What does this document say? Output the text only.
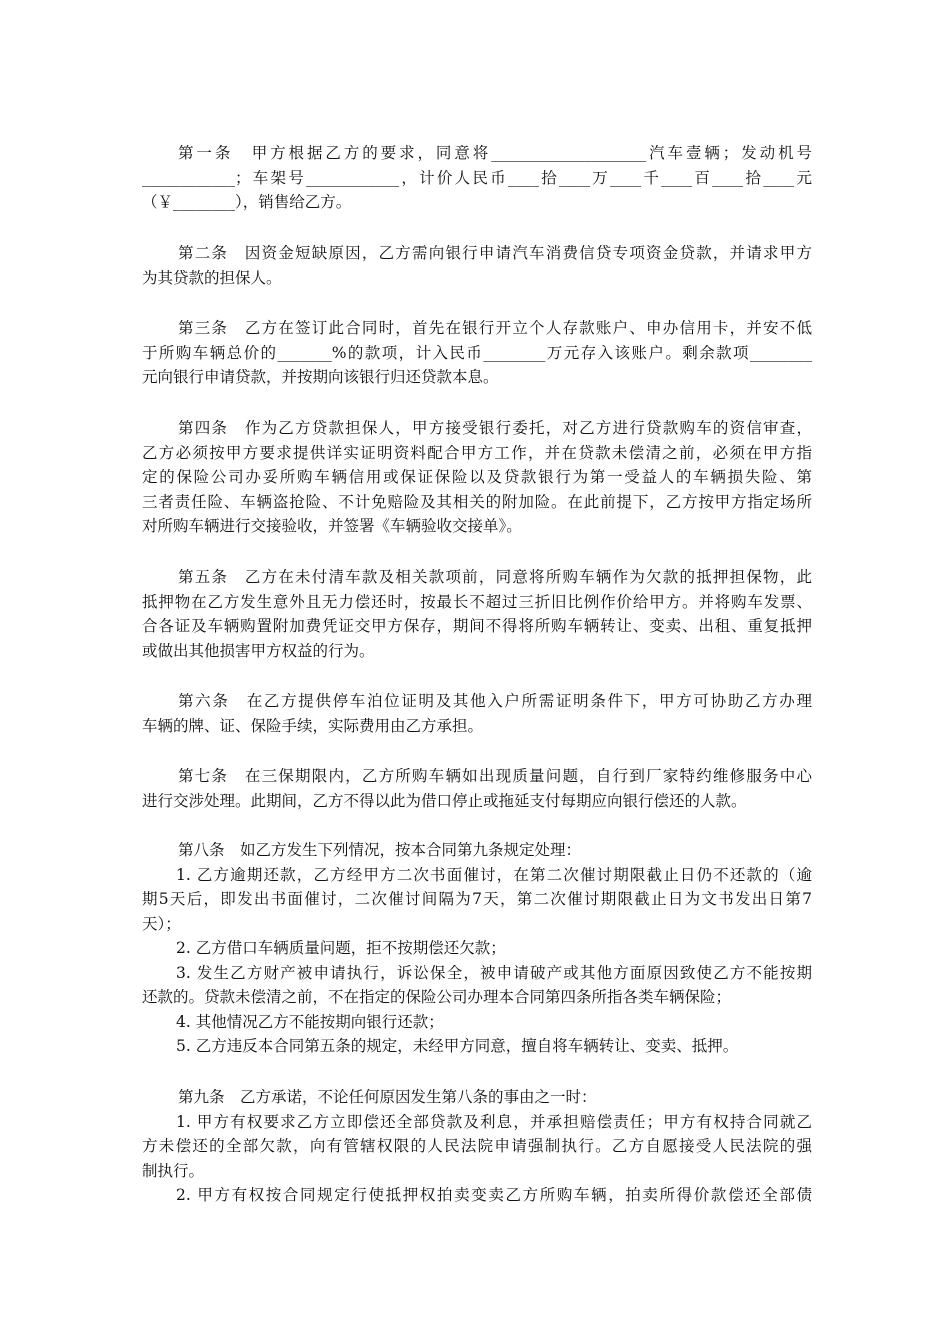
第一条　甲方根据乙方的要求，同意将____________________汽车壹辆；发动机号
____________；车架号____________，计价人民币____拾____万____千____百____拾____元
（￥________），销售给乙方。
第二条　因资金短缺原因，乙方需向银行申请汽车消费信贷专项资金贷款，并请求甲方
为其贷款的担保人。
第三条　乙方在签订此合同时，首先在银行开立个人存款账户、申办信用卡，并安不低
于所购车辆总价的_______%的款项，计入民币________万元存入该账户。剩余款项________
元向银行申请贷款，并按期向该银行归还贷款本息。
第四条　作为乙方贷款担保人，甲方接受银行委托，对乙方进行贷款购车的资信审查，
乙方必须按甲方要求提供详实证明资料配合甲方工作，并在贷款未偿清之前，必须在甲方指
定的保险公司办妥所购车辆信用或保证保险以及贷款银行为第一受益人的车辆损失险、第
三者责任险、车辆盗抢险、不计免赔险及其相关的附加险。在此前提下，乙方按甲方指定场所
对所购车辆进行交接验收，并签署《车辆验收交接单》。
第五条　乙方在未付清车款及相关款项前，同意将所购车辆作为欠款的抵押担保物，此
抵押物在乙方发生意外且无力偿还时，按最长不超过三折旧比例作价给甲方。并将购车发票、
合各证及车辆购置附加费凭证交甲方保存，期间不得将所购车辆转让、变卖、出租、重复抵押
或做出其他损害甲方权益的行为。
第六条　在乙方提供停车泊位证明及其他入户所需证明条件下，甲方可协助乙方办理
车辆的牌、证、保险手续，实际费用由乙方承担。
第七条　在三保期限内，乙方所购车辆如出现质量问题，自行到厂家特约维修服务中心
进行交涉处理。此期间，乙方不得以此为借口停止或拖延支付每期应向银行偿还的人款。
第八条　如乙方发生下列情况，按本合同第九条规定处理：
1. 乙方逾期还款，乙方经甲方二次书面催讨，在第二次催讨期限截止日仍不还款的（逾
期5天后，即发出书面催讨，二次催讨间隔为7天，第二次催讨期限截止日为文书发出日第7
天）；
2. 乙方借口车辆质量问题，拒不按期偿还欠款；
3. 发生乙方财产被申请执行，诉讼保全，被申请破产或其他方面原因致使乙方不能按期
还款的。贷款未偿清之前，不在指定的保险公司办理本合同第四条所指各类车辆保险；
4. 其他情况乙方不能按期向银行还款；
5. 乙方违反本合同第五条的规定，未经甲方同意，擅自将车辆转让、变卖、抵押。
第九条　乙方承诺，不论任何原因发生第八条的事由之一时：
1. 甲方有权要求乙方立即偿还全部贷款及利息，并承担赔偿责任；甲方有权持合同就乙
方未偿还的全部欠款，向有管辖权限的人民法院申请强制执行。乙方自愿接受人民法院的强
制执行。
2. 甲方有权按合同规定行使抵押权拍卖变卖乙方所购车辆，拍卖所得价款偿还全部债
